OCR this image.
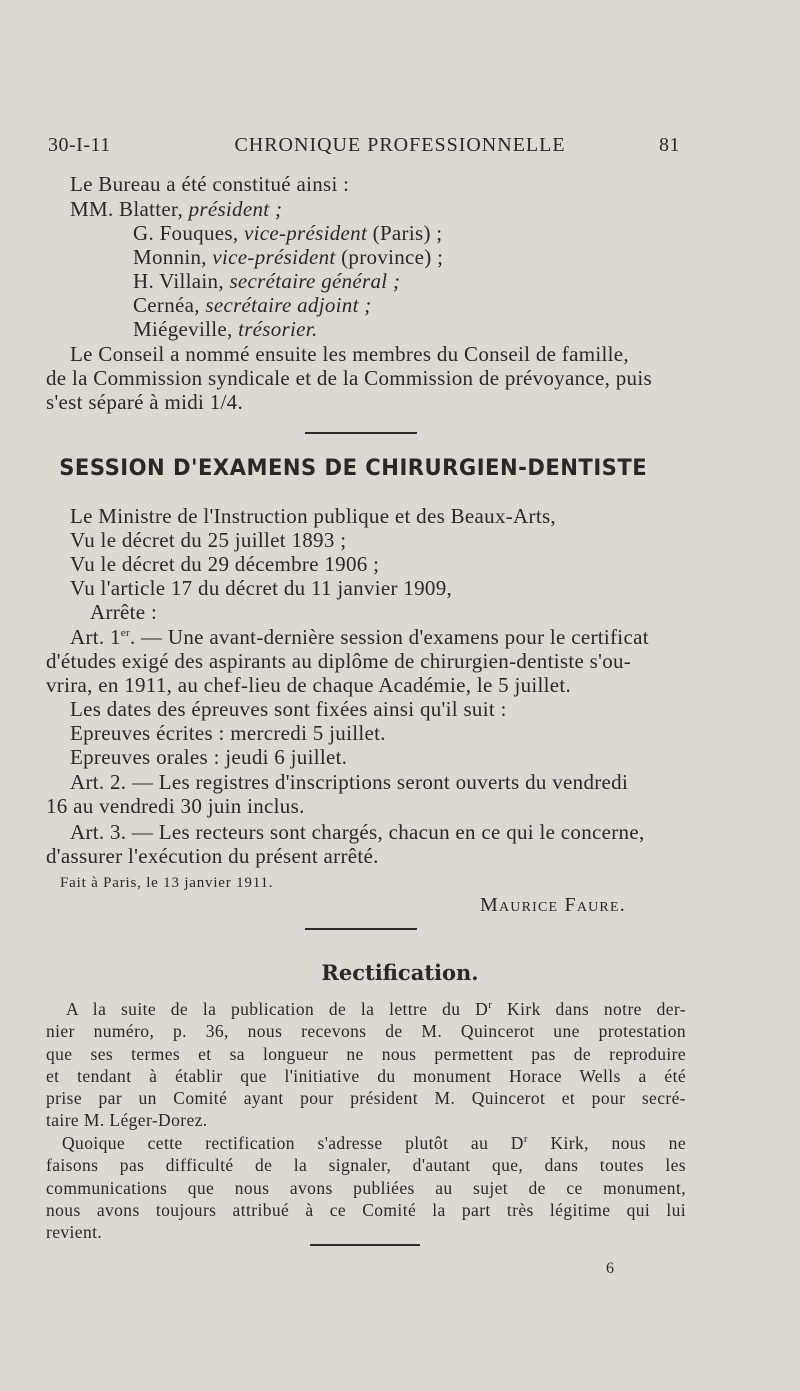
30-I-11	CHRONIQUE PROFESSIONNELLE	81
Le Bureau a été constitué ainsi :
MM. Blatter, président ;
G. Fouques, vice-président (Paris) ;
Monnin, vice-président (province) ;
H. Villain, secrétaire général ;
Cernéa, secrétaire adjoint ;
Miégeville, trésorier.
Le Conseil a nommé ensuite les membres du Conseil de famille,
de la Commission syndicale et de la Commission de prévoyance, puis
s'est séparé à midi 1/4.
SESSION D'EXAMENS DE CHIRURGIEN-DENTISTE
Le Ministre de l'Instruction publique et des Beaux-Arts,
Vu le décret du 25 juillet 1893 ;
Vu le décret du 29 décembre 1906 ;
Vu l'article 17 du décret du 11 janvier 1909,
Arrête :
Art. 1er. — Une avant-dernière session d'examens pour le certificat
d'études exigé des aspirants au diplôme de chirurgien-dentiste s'ou-
vrira, en 1911, au chef-lieu de chaque Académie, le 5 juillet.
Les dates des épreuves sont fixées ainsi qu'il suit :
Epreuves écrites : mercredi 5 juillet.
Epreuves orales : jeudi 6 juillet.
Art. 2. — Les registres d'inscriptions seront ouverts du vendredi
16 au vendredi 30 juin inclus.
Art. 3. — Les recteurs sont chargés, chacun en ce qui le concerne,
d'assurer l'exécution du présent arrêté.
Fait à Paris, le 13 janvier 1911.
Maurice Faure.
Rectification.
A la suite de la publication de la lettre du $D^r$ Kirk dans notre der-
nier numéro, p. 36, nous recevons de M. Quincerot une protestation
que ses termes et sa longueur ne nous permettent pas de reproduire
et tendant à établir que l'initiative du monument Horace Wells a été
prise par un Comité ayant pour président M. Quincerot et pour secré-
taire M. Léger-Dorez.
Quoique cette rectification s'adresse plutôt au $D^r$ Kirk, nous ne
faisons pas difficulté de la signaler, d'autant que, dans toutes les
communications que nous avons publiées au sujet de ce monument,
nous avons toujours attribué à ce Comité la part très légitime qui lui
revient.
6
